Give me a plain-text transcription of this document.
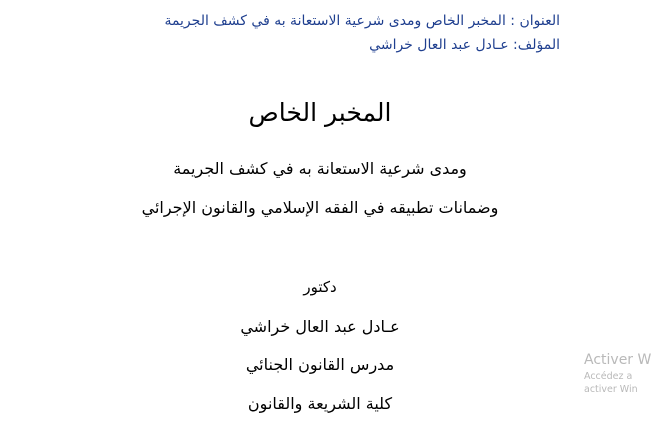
العنوان : المخبر الخاص ومدى شرعية الاستعانة به في كشف الجريمة
المؤلف: عـادل عبد العال خراشي
المخبر الخاص
ومدى شرعية الاستعانة به في كشف الجريمة
وضمانات تطبيقه في الفقه الإسلامي والقانون الإجرائي
دكتور
عـادل عبد العال خراشي
مدرس القانون الجنائي
كلية الشريعة والقانون
Activer W
Accédez a
activer Win
